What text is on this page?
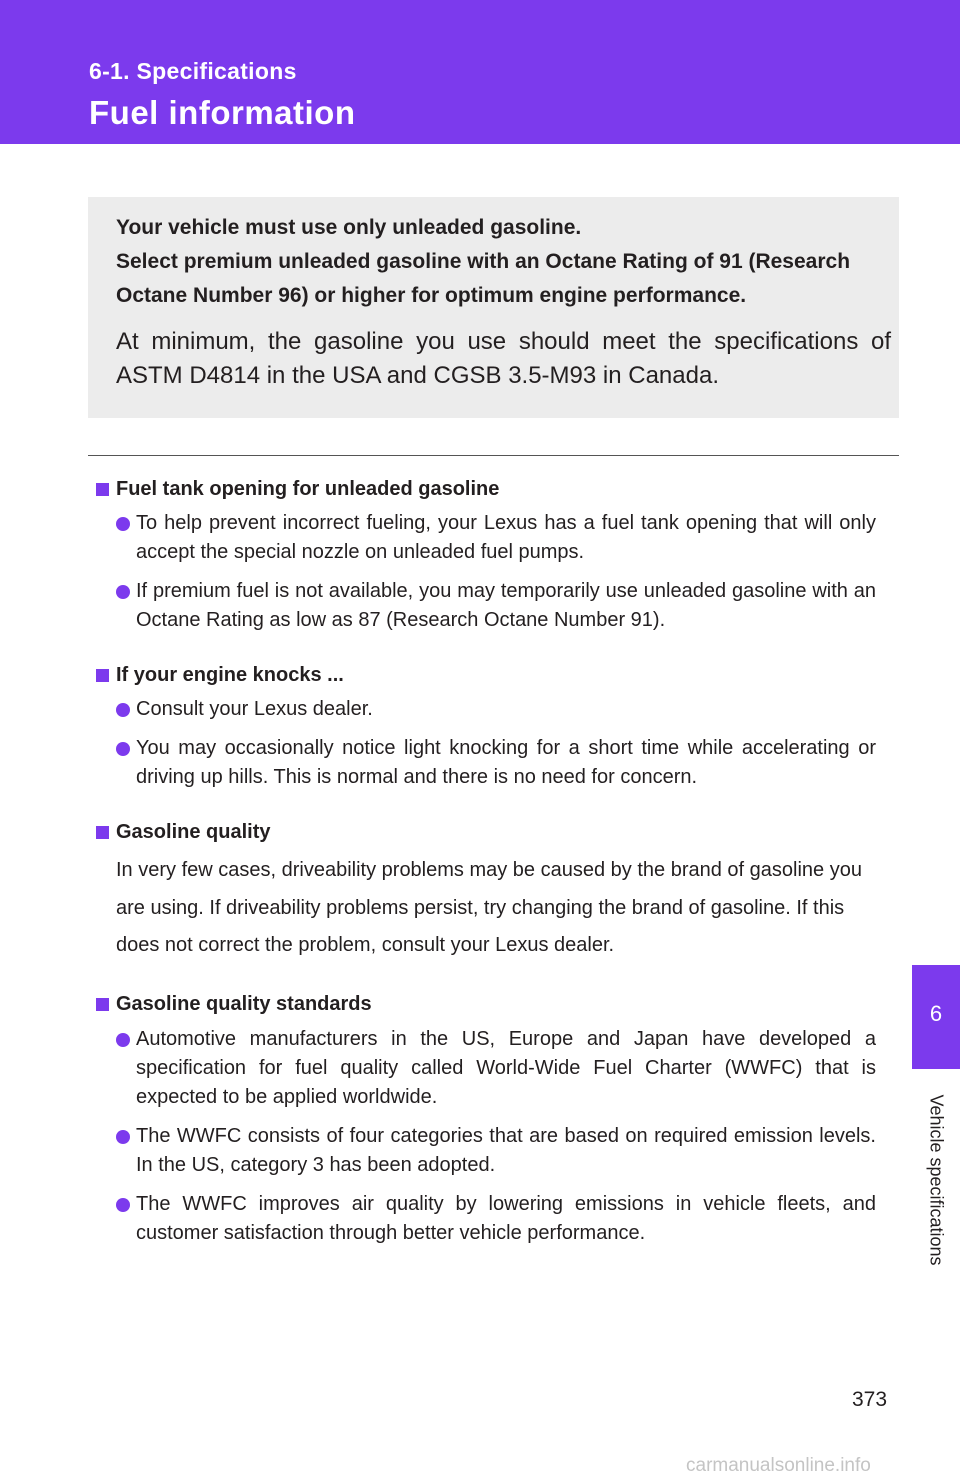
6-1. Specifications
Fuel information

Your vehicle must use only unleaded gasoline.

Select premium unleaded gasoline with an Octane Rating of 91 (Research Octane Number 96) or higher for optimum engine performance.

At minimum, the gasoline you use should meet the specifications of ASTM D4814 in the USA and CGSB 3.5-M93 in Canada.

Fuel tank opening for unleaded gasoline
To help prevent incorrect fueling, your Lexus has a fuel tank opening that will only accept the special nozzle on unleaded fuel pumps.
If premium fuel is not available, you may temporarily use unleaded gasoline with an Octane Rating as low as 87 (Research Octane Number 91).
If your engine knocks ...
Consult your Lexus dealer.
You may occasionally notice light knocking for a short time while accelerating or driving up hills. This is normal and there is no need for concern.
Gasoline quality

In very few cases, driveability problems may be caused by the brand of gasoline you are using. If driveability problems persist, try changing the brand of gasoline. If this does not correct the problem, consult your Lexus dealer.

Gasoline quality standards
Automotive manufacturers in the US, Europe and Japan have developed a specification for fuel quality called World-Wide Fuel Charter (WWFC) that is expected to be applied worldwide.
The WWFC consists of four categories that are based on required emission levels. In the US, category 3 has been adopted.
The WWFC improves air quality by lowering emissions in vehicle fleets, and customer satisfaction through better vehicle performance.
6
Vehicle specifications
373
carmanualsonline.info
